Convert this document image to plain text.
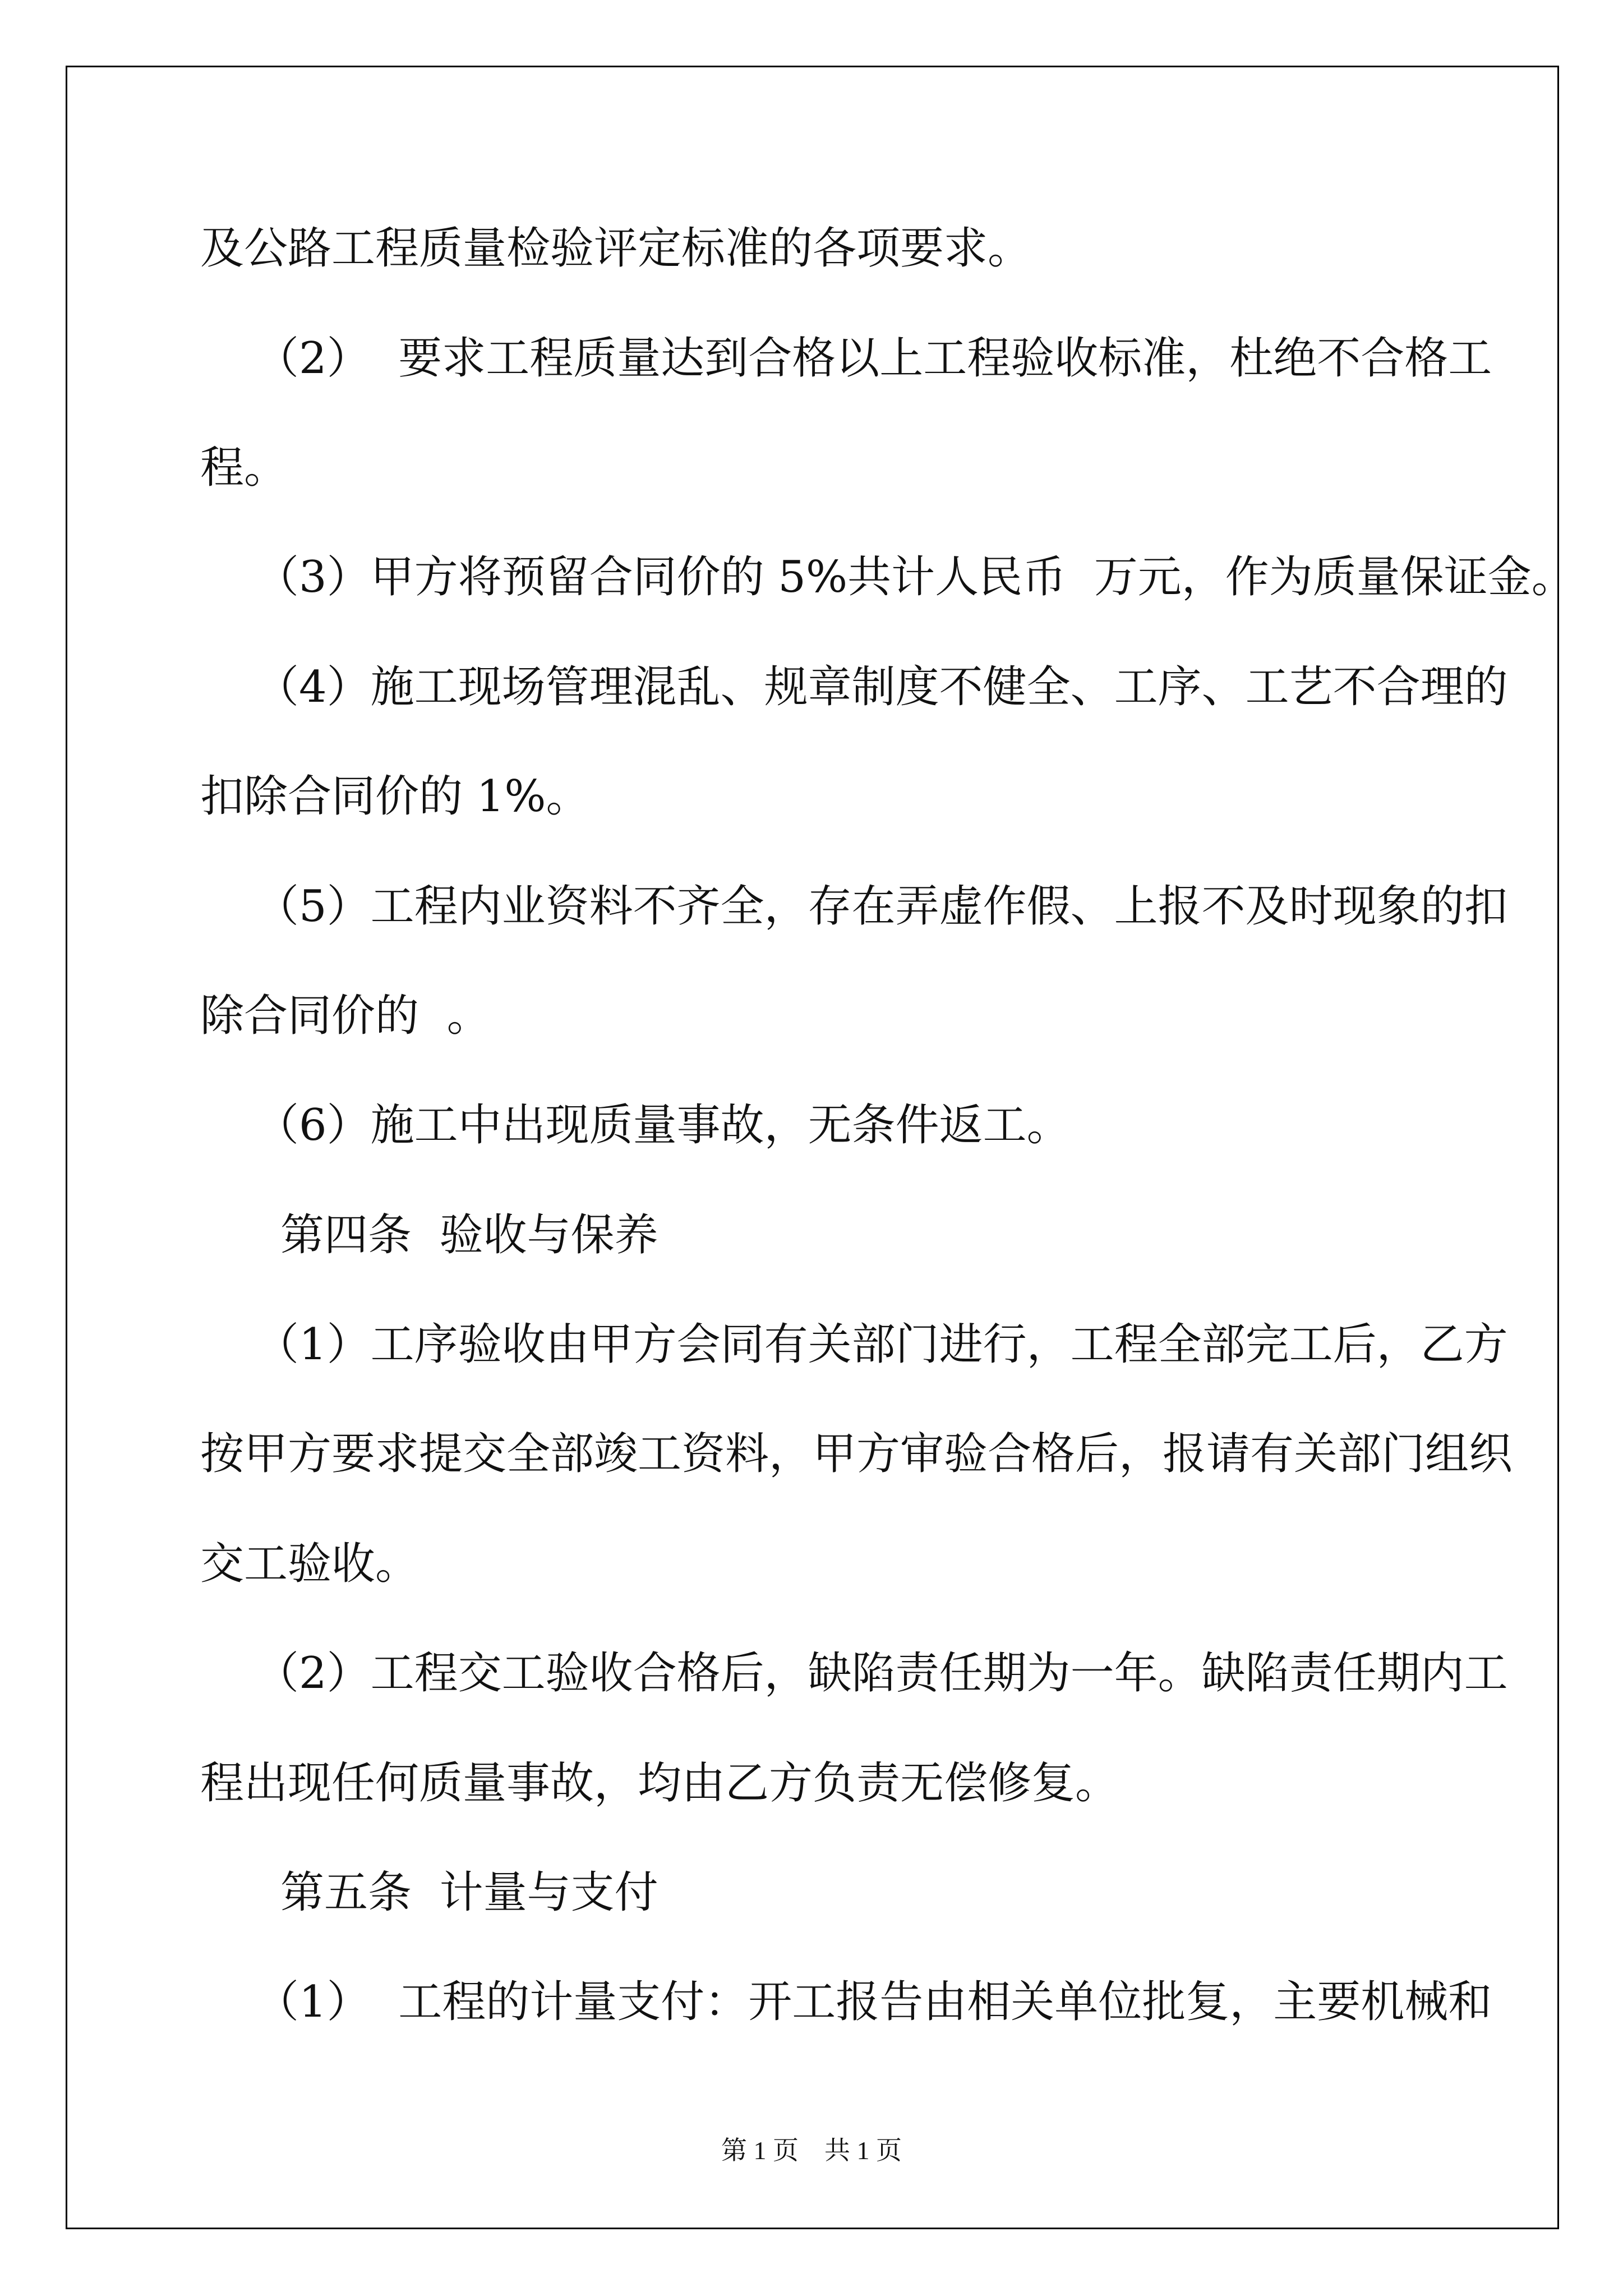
及公路工程质量检验评定标准的各项要求。

（2）  要求工程质量达到合格以上工程验收标准，杜绝不合格工

程。

（3）甲方将预留合同价的 5%共计人民币  万元，作为质量保证金。

（4）施工现场管理混乱、规章制度不健全、工序、工艺不合理的

扣除合同价的 1%。

（5）工程内业资料不齐全，存在弄虚作假、上报不及时现象的扣

除合同价的  。

（6）施工中出现质量事故，无条件返工。

第四条  验收与保养

（1）工序验收由甲方会同有关部门进行，工程全部完工后，乙方

按甲方要求提交全部竣工资料，甲方审验合格后，报请有关部门组织

交工验收。

（2）工程交工验收合格后，缺陷责任期为一年。缺陷责任期内工

程出现任何质量事故，均由乙方负责无偿修复。

第五条  计量与支付

（1）  工程的计量支付：开工报告由相关单位批复，主要机械和

第 1 页    共 1 页
